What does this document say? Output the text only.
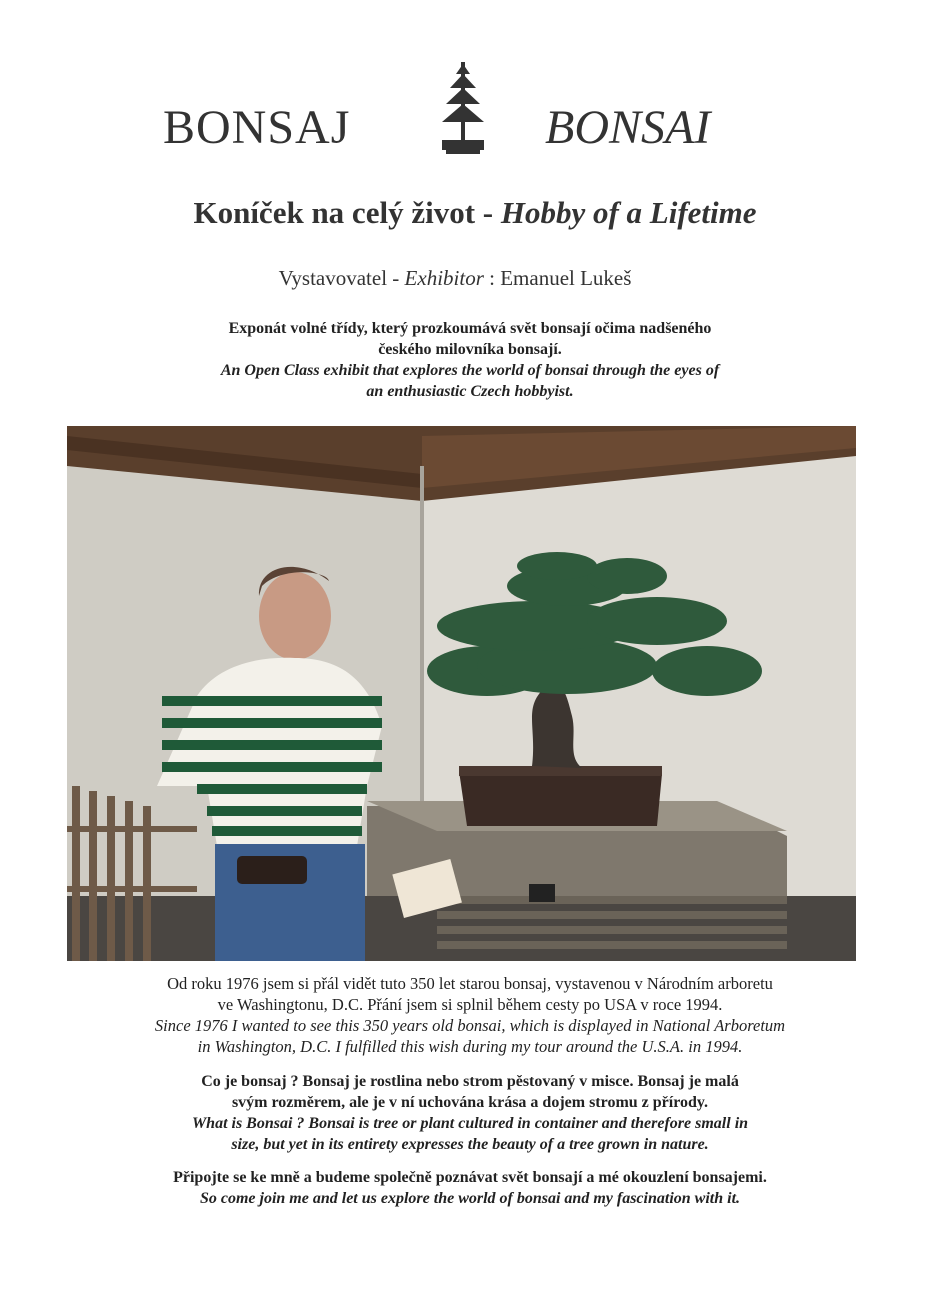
BONSAJ	BONSAI
Koníček na celý život - Hobby of a Lifetime
Vystavovatel - Exhibitor : Emanuel Lukeš
Exponát volné třídy, který prozkoumává svět bonsají očima nadšeného
českého milovníka bonsají.
An Open Class exhibit that explores the world of bonsai through the eyes of
an enthusiastic Czech hobbyist.
Od roku 1976 jsem si přál vidět tuto 350 let starou bonsaj, vystavenou v Národním arboretu
ve Washingtonu, D.C. Přání jsem si splnil během cesty po USA v roce 1994.
Since 1976 I wanted to see this 350 years old bonsai, which is displayed in National Arboretum
in Washington, D.C. I fulfilled this wish during my tour around the U.S.A. in 1994.
Co je bonsaj ? Bonsaj je rostlina nebo strom pěstovaný v misce. Bonsaj je malá
svým rozměrem, ale je v ní uchována krása a dojem stromu z přírody.
What is Bonsai ? Bonsai is tree or plant cultured in container and therefore small in
size, but yet in its entirety expresses the beauty of a tree grown in nature.
Připojte se ke mně a budeme společně poznávat svět bonsají a mé okouzlení bonsajemi.
So come join me and let us explore the world of bonsai and my fascination with it.
